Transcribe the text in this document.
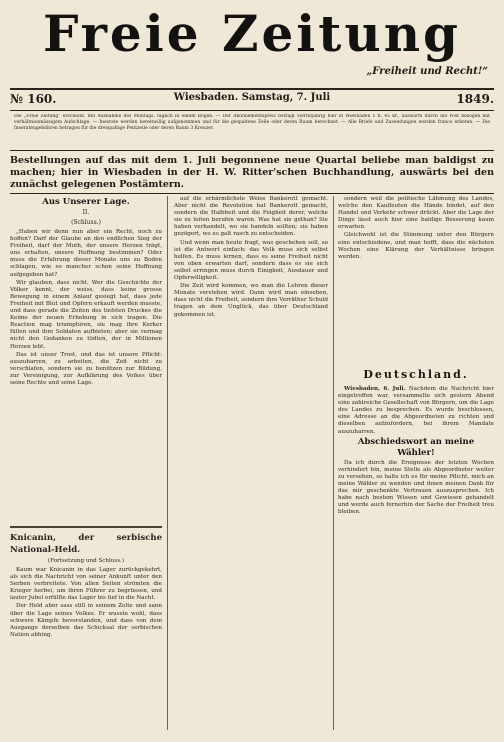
Freie Zeitung
„Freiheit und Recht!“
№ 160.	Wiesbaden. Samstag, 7. Juli	1849.
Die „Freie Zeitung“ erscheint, mit Ausnahme des Montags, täglich in einem Bogen. — Der Abonnementspreis beträgt vierteljährig hier in Wiesbaden 1 fl. 45 kr., auswärts durch die Post bezogen mit verhältnissmässigem Aufschlage. — Inserate werden bereitwillig aufgenommen und für die gespaltene Zeile oder deren Raum berechnet. — Alle Briefe und Zusendungen werden franco erbeten. — Die Inseratengebühren betragen für die dreispaltige Petitzeile oder deren Raum 3 Kreuzer.
Bestellungen auf das mit dem 1. Juli begonnene neue Quartal beliebe man baldigst zu machen; hier in Wiesbaden in der H. W. Ritter'schen Buchhandlung, auswärts bei den zunächst gelegenen Postämtern.
Aus Unserer Lage.
II.
(Schluss.)

„Haben wir denn nun aber ein Recht, noch zu hoffen? Darf der Glaube an den endlichen Sieg der Freiheit, darf der Muth, der unsere Herzen trägt, uns erhalten, unsere Hoffnung bestimmen? Oder muss die Erfahrung dieser Monate uns zu Boden schlagen, wie so mancher schon seine Hoffnung aufgegeben hat?

Wir glauben, dass nicht. Wer die Geschichte der Völker kennt, der weiss, dass keine grosse Bewegung in einem Anlauf gesiegt hat, dass jede Freiheit mit Blut und Opfern erkauft werden musste, und dass gerade die Zeiten des tiefsten Druckes die Keime der neuen Erhebung in sich tragen. Die Reaction mag triumphiren, sie mag ihre Kerker füllen und ihre Soldaten aufbieten; aber sie vermag nicht den Gedanken zu tödten, der in Millionen Herzen lebt.

Das ist unser Trost, und das ist unsere Pflicht: auszuharren, zu arbeiten, die Zeit nicht zu verschlafen, sondern sie zu benützen zur Bildung, zur Vereinigung, zur Aufklärung des Volkes über seine Rechte und seine Lage.

Knicanin, der serbische National-Held.
(Fortsetzung und Schluss.)

Kaum war Knicanin in das Lager zurückgekehrt, als sich die Nachricht von seiner Ankunft unter den Serben verbreitete. Von allen Seiten strömten die Krieger herbei, um ihren Führer zu begrüssen, und lauter Jubel erfüllte das Lager bis tief in die Nacht.

Der Held aber sass still in seinem Zelte und sann über die Lage seines Volkes. Er wusste wohl, dass schwere Kämpfe bevorstanden, und dass von dem Ausgange derselben das Schicksal der serbischen Nation abhing.

auf die erbärmlichste Weise Bankerott gemacht. Aber nicht die Revolution hat Bankerott gemacht, sondern die Halbheit und die Feigheit derer, welche sie zu leiten berufen waren. Was hat sie gethan? Sie haben verhandelt, wo sie handeln sollten; sie haben gezögert, wo es galt rasch zu entscheiden.

Und wenn man heute fragt, was geschehen soll, so ist die Antwort einfach: das Volk muss sich selbst helfen. Es muss lernen, dass es seine Freiheit nicht von oben erwarten darf, sondern dass es sie sich selbst erringen muss durch Einigkeit, Ausdauer und Opferwilligkeit.

Die Zeit wird kommen, wo man die Lehren dieser Monate verstehen wird. Dann wird man einsehen, dass nicht die Freiheit, sondern ihre Verräther Schuld tragen an dem Unglück, das über Deutschland gekommen ist.

sondern weil die politische Lähmung des Landes, welche den Kaufleuten die Hände bindet, auf den Handel und Verkehr schwer drückt. Aber die Lage der Dinge lässt auch hier eine baldige Besserung kaum erwarten.

Gleichwohl ist die Stimmung unter den Bürgern eine entschiedene, und man hofft, dass die nächsten Wochen eine Klärung der Verhältnisse bringen werden.

Deutschland.

Wiesbaden, 6. Juli. Nachdem die Nachricht hier eingetroffen war, versammelte sich gestern Abend eine zahlreiche Gesellschaft von Bürgern, um die Lage des Landes zu besprechen. Es wurde beschlossen, eine Adresse an die Abgeordneten zu richten und dieselben aufzufordern, bei ihrem Mandate auszuharren.

Abschiedswort an meine Wähler!

Da ich durch die Ereignisse der letzten Wochen verhindert bin, meine Stelle als Abgeordneter weiter zu versehen, so halte ich es für meine Pflicht, mich an meine Wähler zu wenden und ihnen meinen Dank für das mir geschenkte Vertrauen auszusprechen. Ich habe nach bestem Wissen und Gewissen gehandelt und werde auch fernerhin der Sache der Freiheit treu bleiben.
